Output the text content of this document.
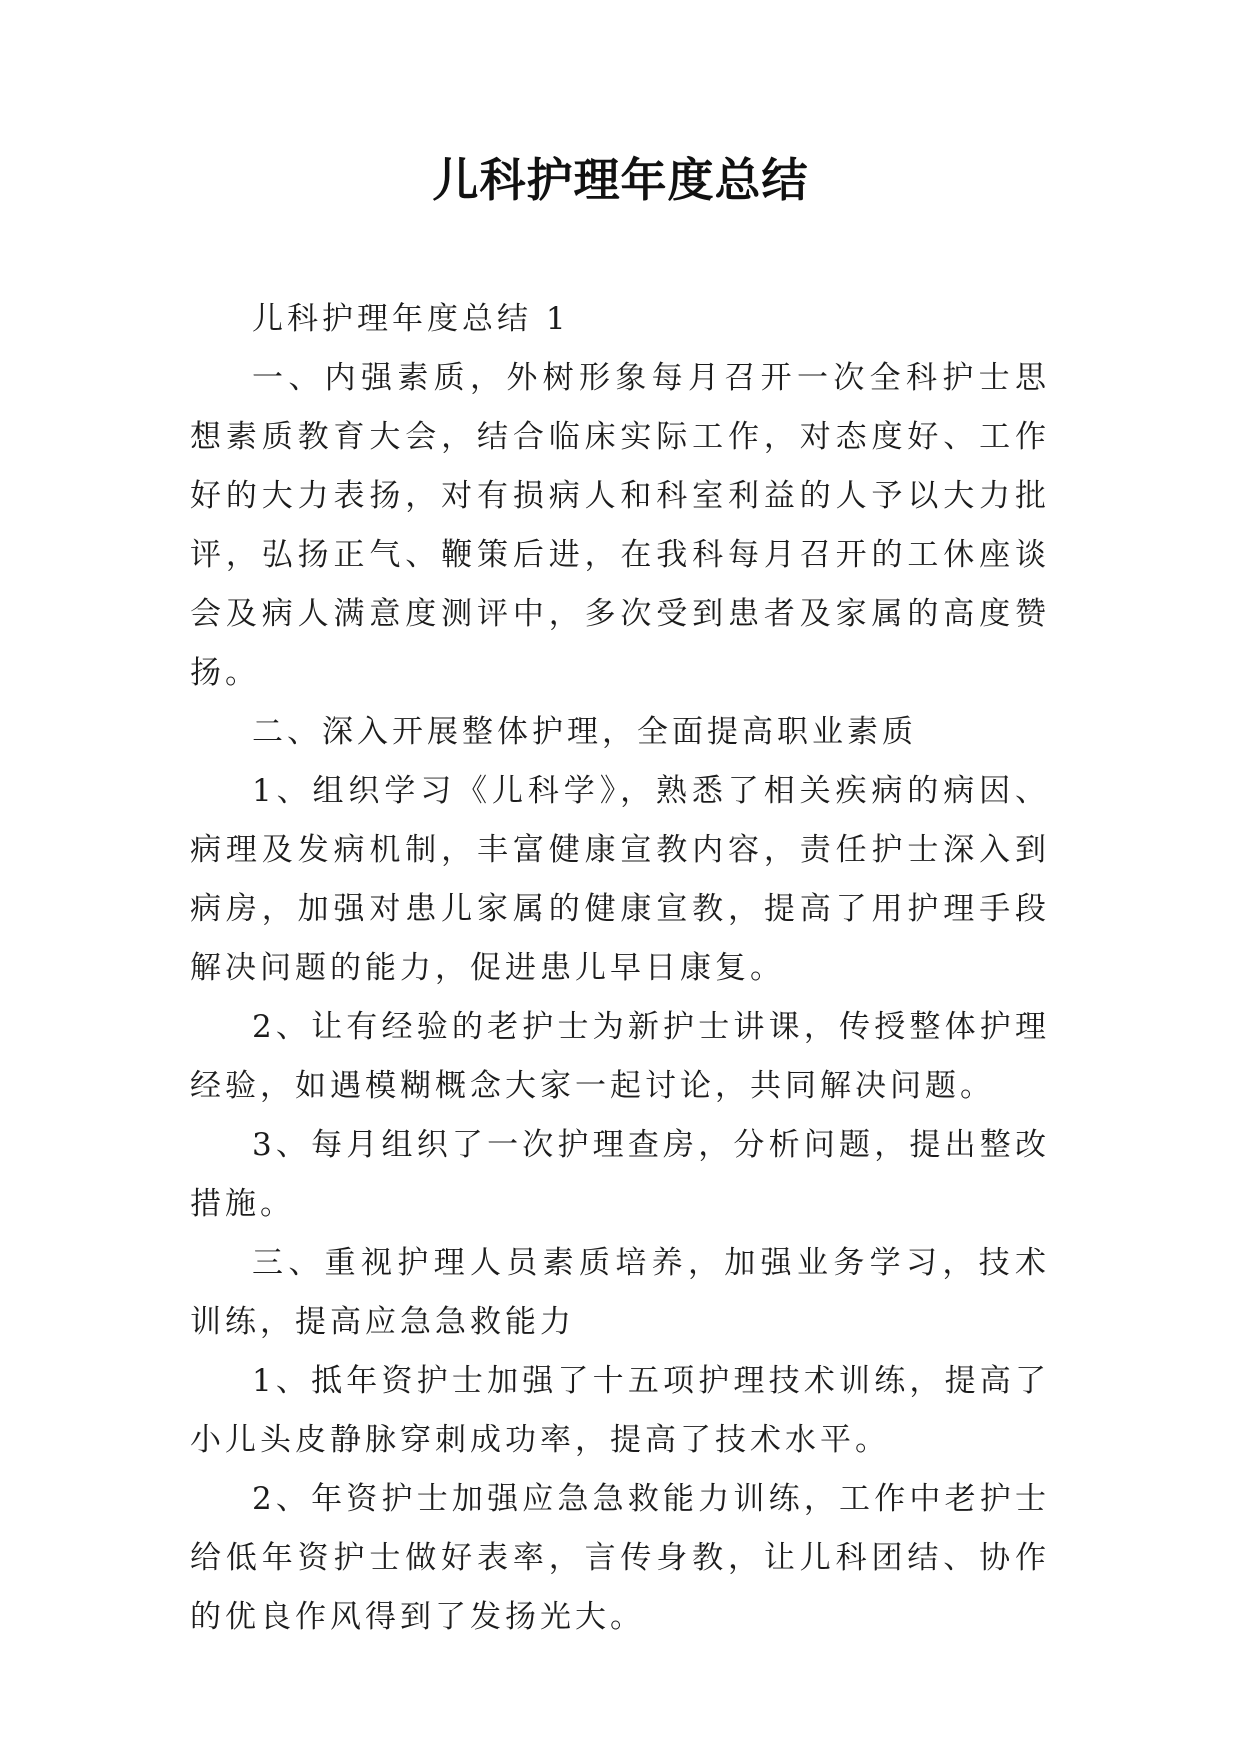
儿科护理年度总结

儿科护理年度总结 1

一、内强素质，外树形象每月召开一次全科护士思想素质教育大会，结合临床实际工作，对态度好、工作好的大力表扬，对有损病人和科室利益的人予以大力批评，弘扬正气、鞭策后进，在我科每月召开的工休座谈会及病人满意度测评中，多次受到患者及家属的高度赞扬。

二、深入开展整体护理，全面提高职业素质

1、组织学习《儿科学》，熟悉了相关疾病的病因、病理及发病机制，丰富健康宣教内容，责任护士深入到病房，加强对患儿家属的健康宣教，提高了用护理手段解决问题的能力，促进患儿早日康复。

2、让有经验的老护士为新护士讲课，传授整体护理经验，如遇模糊概念大家一起讨论，共同解决问题。

3、每月组织了一次护理查房，分析问题，提出整改措施。

三、重视护理人员素质培养，加强业务学习，技术训练，提高应急急救能力

1、抵年资护士加强了十五项护理技术训练，提高了小儿头皮静脉穿刺成功率，提高了技术水平。

2、年资护士加强应急急救能力训练，工作中老护士给低年资护士做好表率，言传身教，让儿科团结、协作的优良作风得到了发扬光大。
